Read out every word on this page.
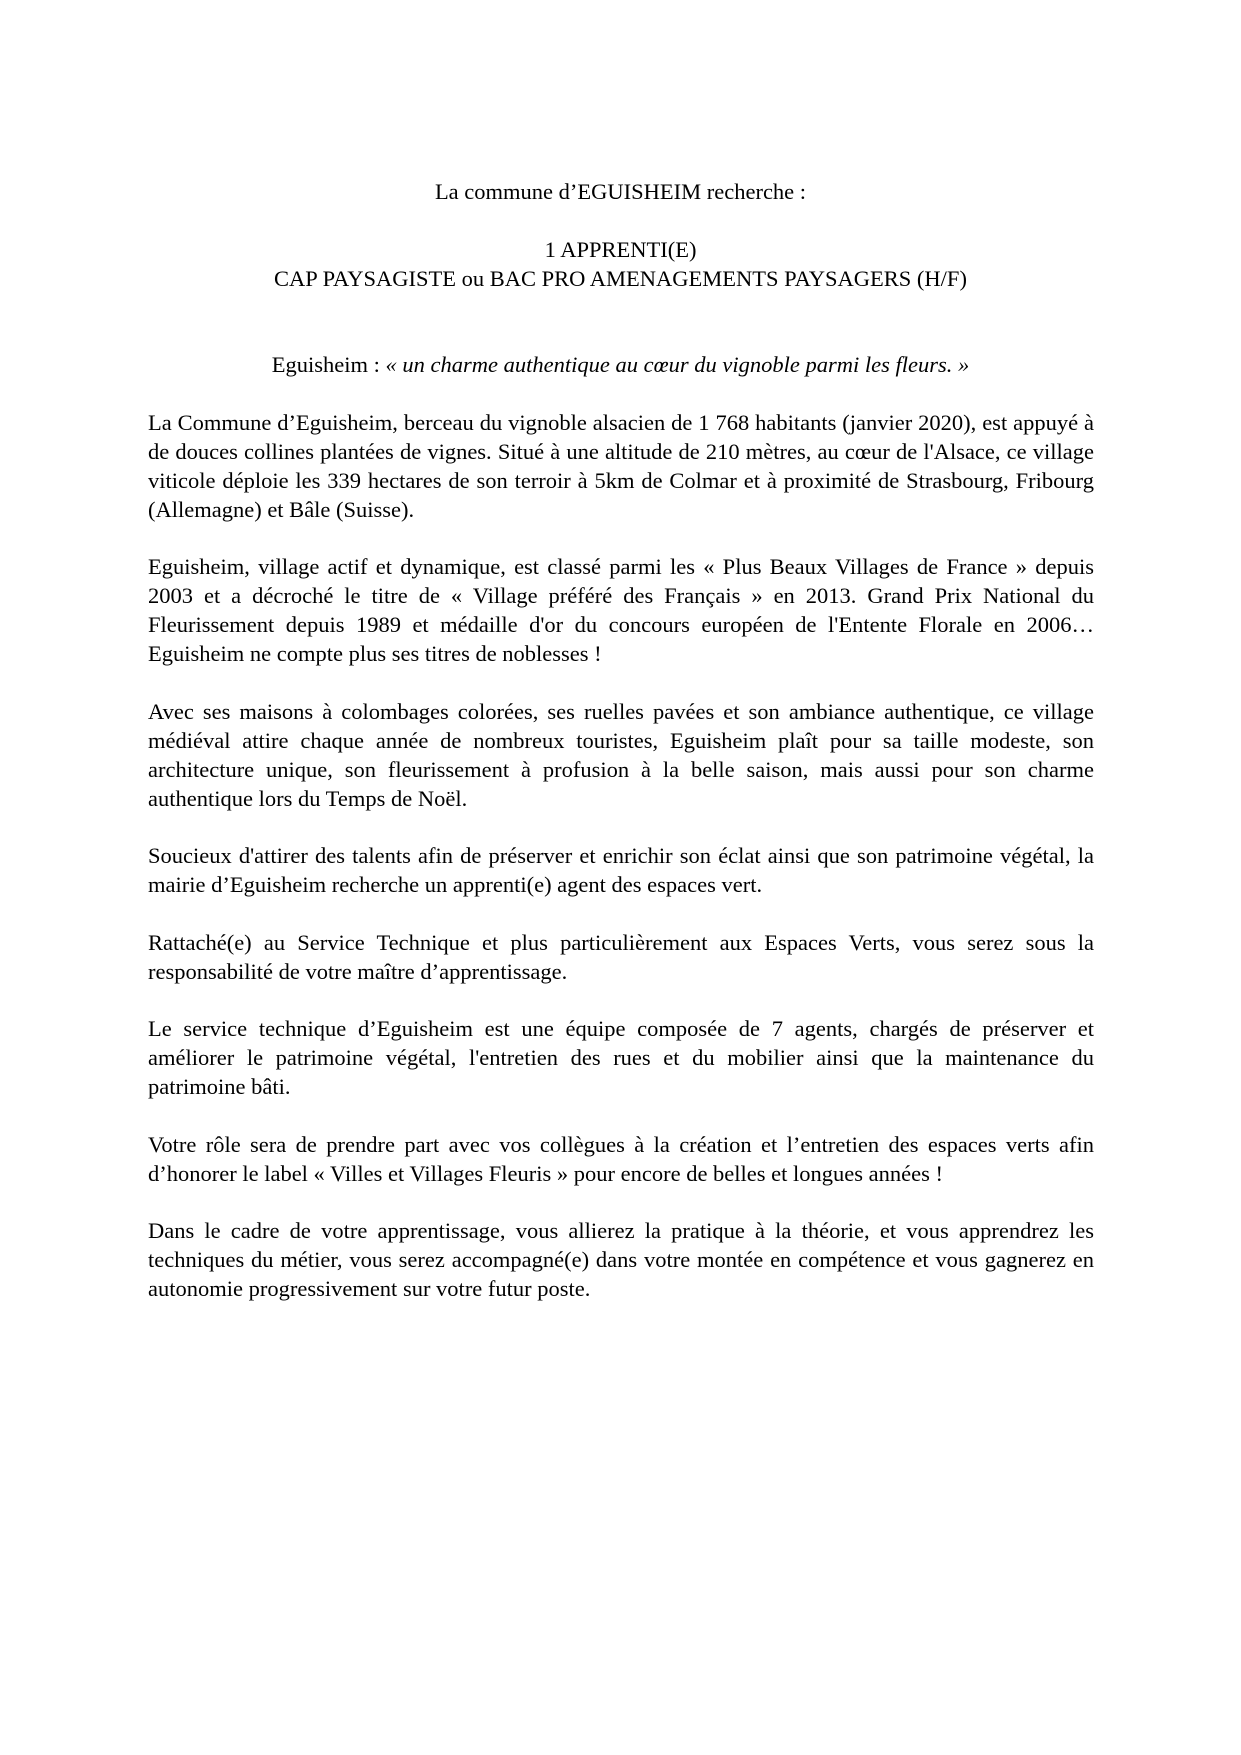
La commune d’EGUISHEIM recherche :
1 APPRENTI(E)
CAP PAYSAGISTE ou BAC PRO AMENAGEMENTS PAYSAGERS (H/F)
Eguisheim : « un charme authentique au cœur du vignoble parmi les fleurs. »

La Commune d’Eguisheim, berceau du vignoble alsacien de 1 768 habitants (janvier 2020), est appuyé à de douces collines plantées de vignes. Situé à une altitude de 210 mètres, au cœur de l'Alsace, ce village viticole déploie les 339 hectares de son terroir à 5km de Colmar et à proximité de Strasbourg, Fribourg (Allemagne) et Bâle (Suisse).

Eguisheim, village actif et dynamique, est classé parmi les « Plus Beaux Villages de France » depuis 2003 et a décroché le titre de « Village préféré des Français » en 2013. Grand Prix National du Fleurissement depuis 1989 et médaille d'or du concours européen de l'Entente Florale en 2006… Eguisheim ne compte plus ses titres de noblesses !

Avec ses maisons à colombages colorées, ses ruelles pavées et son ambiance authentique, ce village médiéval attire chaque année de nombreux touristes, Eguisheim plaît pour sa taille modeste, son architecture unique, son fleurissement à profusion à la belle saison, mais aussi pour son charme authentique lors du Temps de Noël.

Soucieux d'attirer des talents afin de préserver et enrichir son éclat ainsi que son patrimoine végétal, la mairie d’Eguisheim recherche un apprenti(e) agent des espaces vert.

Rattaché(e) au Service Technique et plus particulièrement aux Espaces Verts, vous serez sous la responsabilité de votre maître d’apprentissage.

Le service technique d’Eguisheim est une équipe composée de 7 agents, chargés de préserver et améliorer le patrimoine végétal, l'entretien des rues et du mobilier ainsi que la maintenance du patrimoine bâti.

Votre rôle sera de prendre part avec vos collègues à la création et l’entretien des espaces verts afin d’honorer le label « Villes et Villages Fleuris » pour encore de belles et longues années !

Dans le cadre de votre apprentissage, vous allierez la pratique à la théorie, et vous apprendrez les techniques du métier, vous serez accompagné(e) dans votre montée en compétence et vous gagnerez en autonomie progressivement sur votre futur poste.
